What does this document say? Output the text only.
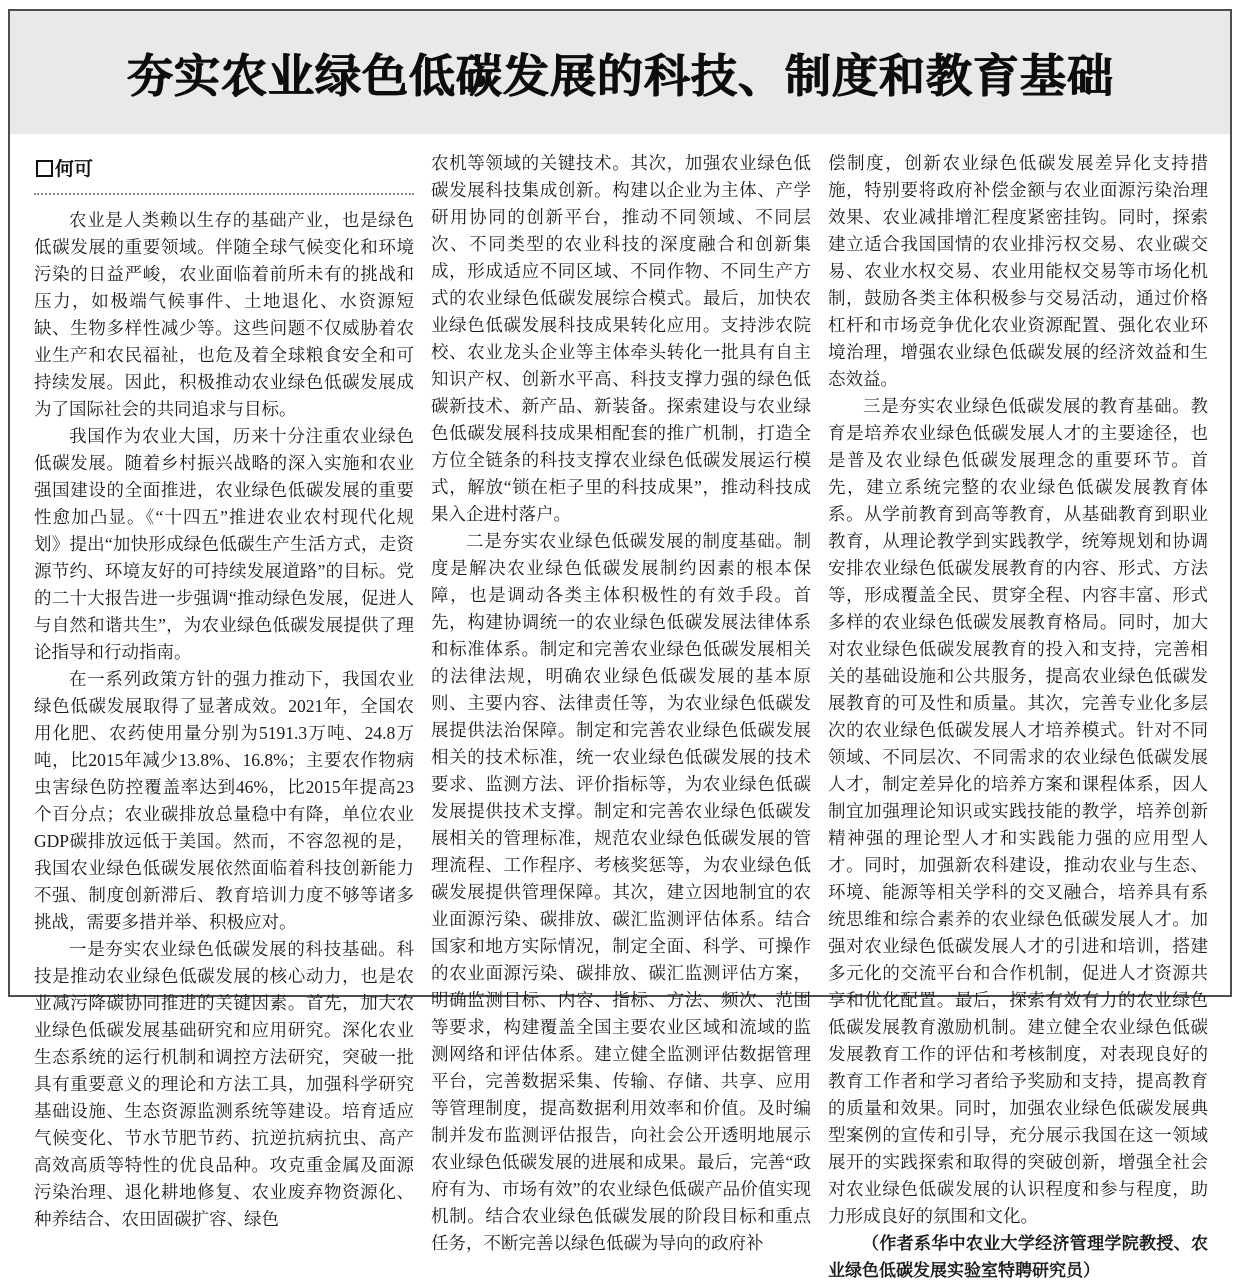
夯实农业绿色低碳发展的科技、制度和教育基础
何可

农业是人类赖以生存的基础产业，也是绿色低碳发展的重要领域。伴随全球气候变化和环境污染的日益严峻，农业面临着前所未有的挑战和压力，如极端气候事件、土地退化、水资源短缺、生物多样性减少等。这些问题不仅威胁着农业生产和农民福祉，也危及着全球粮食安全和可持续发展。因此，积极推动农业绿色低碳发展成为了国际社会的共同追求与目标。

我国作为农业大国，历来十分注重农业绿色低碳发展。随着乡村振兴战略的深入实施和农业强国建设的全面推进，农业绿色低碳发展的重要性愈加凸显。《“十四五”推进农业农村现代化规划》提出“加快形成绿色低碳生产生活方式，走资源节约、环境友好的可持续发展道路”的目标。党的二十大报告进一步强调“推动绿色发展，促进人与自然和谐共生”，为农业绿色低碳发展提供了理论指导和行动指南。

在一系列政策方针的强力推动下，我国农业绿色低碳发展取得了显著成效。2021年，全国农用化肥、农药使用量分别为5191.3万吨、24.8万吨，比2015年减少13.8%、16.8%；主要农作物病虫害绿色防控覆盖率达到46%，比2015年提高23个百分点；农业碳排放总量稳中有降，单位农业GDP碳排放远低于美国。然而，不容忽视的是，我国农业绿色低碳发展依然面临着科技创新能力不强、制度创新滞后、教育培训力度不够等诸多挑战，需要多措并举、积极应对。

一是夯实农业绿色低碳发展的科技基础。科技是推动农业绿色低碳发展的核心动力，也是农业减污降碳协同推进的关键因素。首先，加大农业绿色低碳发展基础研究和应用研究。深化农业生态系统的运行机制和调控方法研究，突破一批具有重要意义的理论和方法工具，加强科学研究基础设施、生态资源监测系统等建设。培育适应气候变化、节水节肥节药、抗逆抗病抗虫、高产高效高质等特性的优良品种。攻克重金属及面源污染治理、退化耕地修复、农业废弃物资源化、种养结合、农田固碳扩容、绿色

农机等领域的关键技术。其次，加强农业绿色低碳发展科技集成创新。构建以企业为主体、产学研用协同的创新平台，推动不同领域、不同层次、不同类型的农业科技的深度融合和创新集成，形成适应不同区域、不同作物、不同生产方式的农业绿色低碳发展综合模式。最后，加快农业绿色低碳发展科技成果转化应用。支持涉农院校、农业龙头企业等主体牵头转化一批具有自主知识产权、创新水平高、科技支撑力强的绿色低碳新技术、新产品、新装备。探索建设与农业绿色低碳发展科技成果相配套的推广机制，打造全方位全链条的科技支撑农业绿色低碳发展运行模式，解放“锁在柜子里的科技成果”，推动科技成果入企进村落户。

二是夯实农业绿色低碳发展的制度基础。制度是解决农业绿色低碳发展制约因素的根本保障，也是调动各类主体积极性的有效手段。首先，构建协调统一的农业绿色低碳发展法律体系和标准体系。制定和完善农业绿色低碳发展相关的法律法规，明确农业绿色低碳发展的基本原则、主要内容、法律责任等，为农业绿色低碳发展提供法治保障。制定和完善农业绿色低碳发展相关的技术标准，统一农业绿色低碳发展的技术要求、监测方法、评价指标等，为农业绿色低碳发展提供技术支撑。制定和完善农业绿色低碳发展相关的管理标准，规范农业绿色低碳发展的管理流程、工作程序、考核奖惩等，为农业绿色低碳发展提供管理保障。其次，建立因地制宜的农业面源污染、碳排放、碳汇监测评估体系。结合国家和地方实际情况，制定全面、科学、可操作的农业面源污染、碳排放、碳汇监测评估方案，明确监测目标、内容、指标、方法、频次、范围等要求，构建覆盖全国主要农业区域和流域的监测网络和评估体系。建立健全监测评估数据管理平台，完善数据采集、传输、存储、共享、应用等管理制度，提高数据利用效率和价值。及时编制并发布监测评估报告，向社会公开透明地展示农业绿色低碳发展的进展和成果。最后，完善“政府有为、市场有效”的农业绿色低碳产品价值实现机制。结合农业绿色低碳发展的阶段目标和重点任务，不断完善以绿色低碳为导向的政府补

偿制度，创新农业绿色低碳发展差异化支持措施，特别要将政府补偿金额与农业面源污染治理效果、农业减排增汇程度紧密挂钩。同时，探索建立适合我国国情的农业排污权交易、农业碳交易、农业水权交易、农业用能权交易等市场化机制，鼓励各类主体积极参与交易活动，通过价格杠杆和市场竞争优化农业资源配置、强化农业环境治理，增强农业绿色低碳发展的经济效益和生态效益。

三是夯实农业绿色低碳发展的教育基础。教育是培养农业绿色低碳发展人才的主要途径，也是普及农业绿色低碳发展理念的重要环节。首先，建立系统完整的农业绿色低碳发展教育体系。从学前教育到高等教育，从基础教育到职业教育，从理论教学到实践教学，统筹规划和协调安排农业绿色低碳发展教育的内容、形式、方法等，形成覆盖全民、贯穿全程、内容丰富、形式多样的农业绿色低碳发展教育格局。同时，加大对农业绿色低碳发展教育的投入和支持，完善相关的基础设施和公共服务，提高农业绿色低碳发展教育的可及性和质量。其次，完善专业化多层次的农业绿色低碳发展人才培养模式。针对不同领域、不同层次、不同需求的农业绿色低碳发展人才，制定差异化的培养方案和课程体系，因人制宜加强理论知识或实践技能的教学，培养创新精神强的理论型人才和实践能力强的应用型人才。同时，加强新农科建设，推动农业与生态、环境、能源等相关学科的交叉融合，培养具有系统思维和综合素养的农业绿色低碳发展人才。加强对农业绿色低碳发展人才的引进和培训，搭建多元化的交流平台和合作机制，促进人才资源共享和优化配置。最后，探索有效有力的农业绿色低碳发展教育激励机制。建立健全农业绿色低碳发展教育工作的评估和考核制度，对表现良好的教育工作者和学习者给予奖励和支持，提高教育的质量和效果。同时，加强农业绿色低碳发展典型案例的宣传和引导，充分展示我国在这一领域展开的实践探索和取得的突破创新，增强全社会对农业绿色低碳发展的认识程度和参与程度，助力形成良好的氛围和文化。

（作者系华中农业大学经济管理学院教授、农业绿色低碳发展实验室特聘研究员）
